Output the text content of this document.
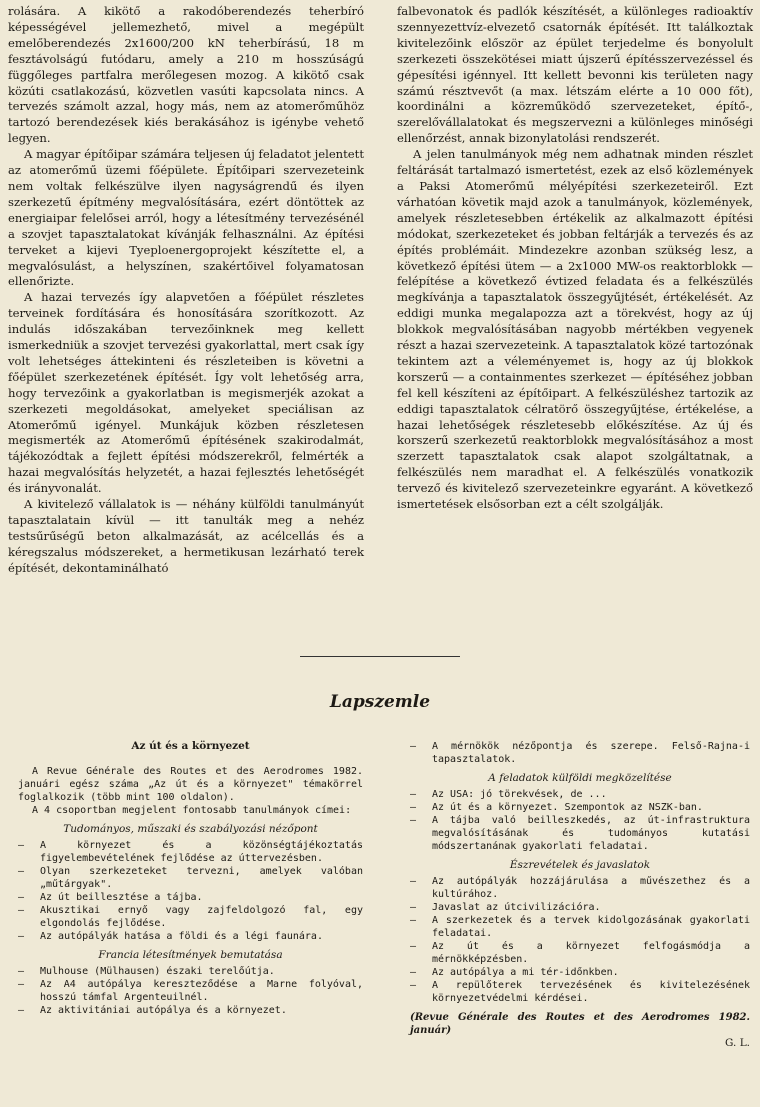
rolására. A kikötő a rakodóberendezés teherbíró képességével jellemezhető, mivel a megépült emelőberendezés 2x1600/200 kN teherbírású, 18 m fesztávolságú futódaru, amely a 210 m hosszúságú függőleges partfalra merőlegesen mozog. A kikötő csak közúti csatlakozású, közvetlen vasúti kapcsolata nincs. A tervezés számolt azzal, hogy más, nem az atomerőműhöz tartozó berendezések kiés berakásához is igénybe vehető legyen.

A magyar építőipar számára teljesen új feladatot jelentett az atomerőmű üzemi főépülete. Építőipari szervezeteink nem voltak felkészülve ilyen nagyságrendű és ilyen szerkezetű építmény megvalósítására, ezért döntöttek az energiaipar felelősei arról, hogy a létesítmény tervezésénél a szovjet tapasztalatokat kívánják felhasználni. Az építési terveket a kijevi Tyeploenergoprojekt készítette el, a megvalósulást, a helyszínen, szakértőivel folyamatosan ellenőrizte.

A hazai tervezés így alapvetően a főépület részletes terveinek fordítására és honosítására szorítkozott. Az indulás időszakában tervezőinknek meg kellett ismerkedniük a szovjet tervezési gyakorlattal, mert csak így volt lehetséges áttekinteni és részleteiben is követni a főépület szerkezetének építését. Így volt lehetőség arra, hogy tervezőink a gyakorlatban is megismerjék azokat a szerkezeti megoldásokat, amelyeket speciálisan az Atomerőmű igényel. Munkájuk közben részletesen megismerték az Atomerőmű építésének szakirodalmát, tájékozódtak a fejlett építési módszerekről, felmérték a hazai megvalósítás helyzetét, a hazai fejlesztés lehetőségét és irányvonalát.

A kivitelező vállalatok is — néhány külföldi tanulmányút tapasztalatain kívül — itt tanulták meg a nehéz testsűrűségű beton alkalmazását, az acélcellás és a kéregszalus módszereket, a hermetikusan lezárható terek építését, dekontaminálható

falbevonatok és padlók készítését, a különleges radioaktív szennyezettvíz-elvezető csatornák építését. Itt találkoztak kivitelezőink először az épület terjedelme és bonyolult szerkezeti összekötései miatt újszerű építésszervezéssel és gépesítési igénnyel. Itt kellett bevonni kis területen nagy számú résztvevőt (a max. létszám elérte a 10 000 főt), koordinálni a közreműködő szervezeteket, építő-, szerelővállalatokat és megszervezni a különleges minőségi ellenőrzést, annak bizonylatolási rendszerét.

A jelen tanulmányok még nem adhatnak minden részlet feltárását tartalmazó ismertetést, ezek az első közlemények a Paksi Atomerőmű mélyépítési szerkezeteiről. Ezt várhatóan követik majd azok a tanulmányok, közlemények, amelyek részletesebben értékelik az alkalmazott építési módokat, szerkezeteket és jobban feltárják a tervezés és az építés problémáit. Mindezekre azonban szükség lesz, a következő építési ütem — a 2x1000 MW-os reaktorblokk — felépítése a következő évtized feladata és a felkészülés megkívánja a tapasztalatok összegyűjtését, értékelését. Az eddigi munka megalapozza azt a törekvést, hogy az új blokkok megvalósításában nagyobb mértékben vegyenek részt a hazai szervezeteink. A tapasztalatok közé tartozónak tekintem azt a véleményemet is, hogy az új blokkok korszerű — a containmentes szerkezet — építéséhez jobban fel kell készíteni az építőipart. A felkészüléshez tartozik az eddigi tapasztalatok célratörő összegyűjtése, értékelése, a hazai lehetőségek részletesebb előkészítése. Az új és korszerű szerkezetű reaktorblokk megvalósításához a most szerzett tapasztalatok csak alapot szolgáltatnak, a felkészülés nem maradhat el. A felkészülés vonatkozik tervező és kivitelező szervezeteinkre egyaránt. A következő ismertetések elsősorban ezt a célt szolgálják.

Lapszemle
Az út és a környezet

A Revue Générale des Routes et des Aerodromes 1982. januári egész száma „Az út és a környezet" témakörrel foglalkozik (több mint 100 oldalon).

A 4 csoportban megjelent fontosabb tanulmányok címei:

Tudományos, műszaki és szabályozási nézőpont
— A környezet és a közönségtájékoztatás figyelembevételének fejlődése az úttervezésben.
— Olyan szerkezeteket tervezni, amelyek valóban „műtárgyak".
— Az út beillesztése a tájba.
— Akusztikai ernyő vagy zajfeldolgozó fal, egy elgondolás fejlődése.
— Az autópályák hatása a földi és a légi faunára.
Francia létesítmények bemutatása
— Mulhouse (Mülhausen) északi terelőútja.
— Az A4 autópálya kereszteződése a Marne folyóval, hosszú támfal Argenteuilnél.
— Az aktivitániai autópálya és a környezet.
— A mérnökök nézőpontja és szerepe. Felső-Rajna-i tapasztalatok.
A feladatok külföldi megközelítése
— Az USA: jó törekvések, de ...
— Az út és a környezet. Szempontok az NSZK-ban.
— A tájba való beilleszkedés, az út-infrastruktura megvalósításának és tudományos kutatási módszertanának gyakorlati feladatai.
Észrevételek és javaslatok
— Az autópályák hozzájárulása a művészethez és a kultúrához.
— Javaslat az útcivilizációra.
— A szerkezetek és a tervek kidolgozásának gyakorlati feladatai.
— Az út és a környezet felfogásmódja a mérnökképzésben.
— Az autópálya a mi tér-időnkben.
— A repülőterek tervezésének és kivitelezésének környezetvédelmi kérdései.

(Revue Générale des Routes et des Aerodromes 1982. január)

G. L.
